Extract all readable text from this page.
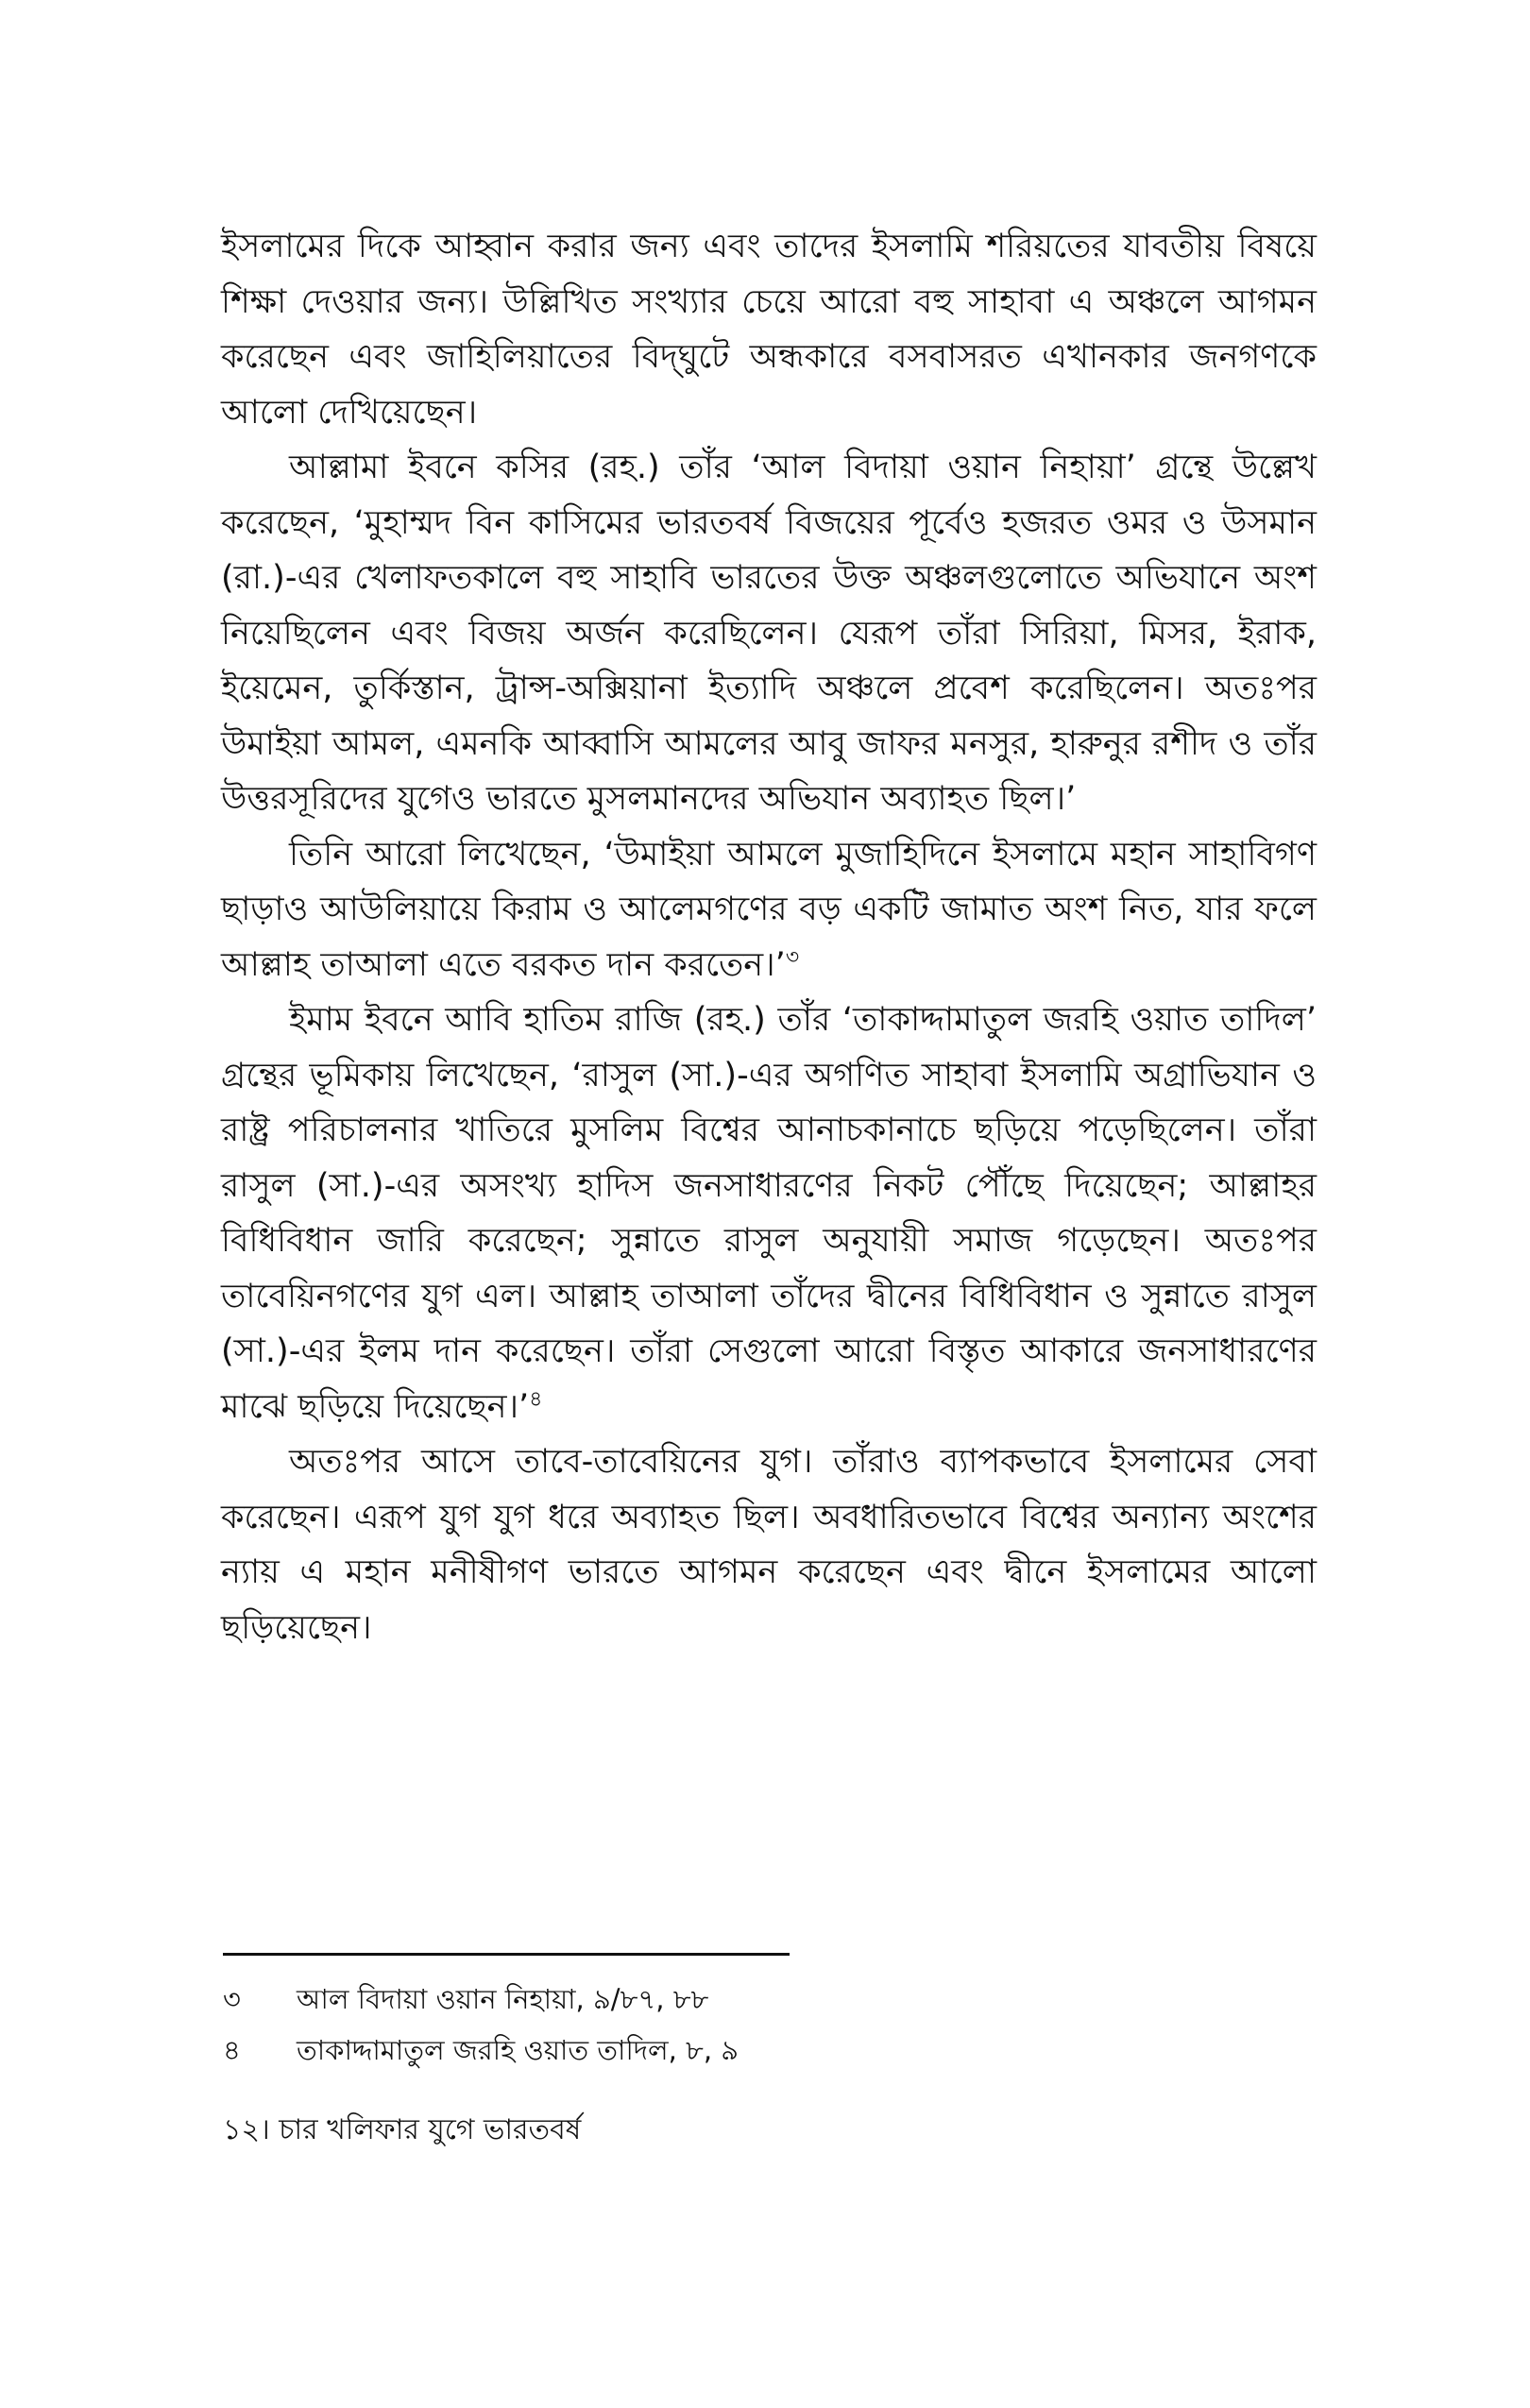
ইসলামের দিকে আহ্বান করার জন্য এবং তাদের ইসলামি শরিয়তের যাবতীয় বিষয়ে শিক্ষা দেওয়ার জন্য। উল্লিখিত সংখ্যার চেয়ে আরো বহু সাহাবা এ অঞ্চলে আগমন করেছেন এবং জাহিলিয়াতের বিদ্‌ঘুটে অন্ধকারে বসবাসরত এখানকার জনগণকে আলো দেখিয়েছেন।

আল্লামা ইবনে কসির (রহ.) তাঁর ‘আল বিদায়া ওয়ান নিহায়া’ গ্রন্থে উল্লেখ করেছেন, ‘মুহাম্মদ বিন কাসিমের ভারতবর্ষ বিজয়ের পূর্বেও হজরত ওমর ও উসমান (রা.)-এর খেলাফতকালে বহু সাহাবি ভারতের উক্ত অঞ্চলগুলোতে অভিযানে অংশ নিয়েছিলেন এবং বিজয় অর্জন করেছিলেন। যেরূপ তাঁরা সিরিয়া, মিসর, ইরাক, ইয়েমেন, তুর্কিস্তান, ট্রান্স-অক্সিয়ানা ইত্যাদি অঞ্চলে প্রবেশ করেছিলেন। অতঃপর উমাইয়া আমল, এমনকি আব্বাসি আমলের আবু জাফর মনসুর, হারুনুর রশীদ ও তাঁর উত্তরসূরিদের যুগেও ভারতে মুসলমানদের অভিযান অব্যাহত ছিল।’

তিনি আরো লিখেছেন, ‘উমাইয়া আমলে মুজাহিদিনে ইসলামে মহান সাহাবিগণ ছাড়াও আউলিয়ায়ে কিরাম ও আলেমগণের বড় একটি জামাত অংশ নিত, যার ফলে আল্লাহ তাআলা এতে বরকত দান করতেন।’$^৩$

ইমাম ইবনে আবি হাতিম রাজি (রহ.) তাঁর ‘তাকাদ্দামাতুল জরহি ওয়াত তাদিল’ গ্রন্থের ভূমিকায় লিখেছেন, ‘রাসুল (সা.)-এর অগণিত সাহাবা ইসলামি অগ্রাভিযান ও রাষ্ট্র পরিচালনার খাতিরে মুসলিম বিশ্বের আনাচকানাচে ছড়িয়ে পড়েছিলেন। তাঁরা রাসুল (সা.)-এর অসংখ্য হাদিস জনসাধারণের নিকট পৌঁছে দিয়েছেন; আল্লাহর বিধিবিধান জারি করেছেন; সুন্নাতে রাসুল অনুযায়ী সমাজ গড়েছেন। অতঃপর তাবেয়িনগণের যুগ এল। আল্লাহ তাআলা তাঁদের দ্বীনের বিধিবিধান ও সুন্নাতে রাসুল (সা.)-এর ইলম দান করেছেন। তাঁরা সেগুলো আরো বিস্তৃত আকারে জনসাধারণের মাঝে ছড়িয়ে দিয়েছেন।’$^৪$

অতঃপর আসে তাবে-তাবেয়িনের যুগ। তাঁরাও ব্যাপকভাবে ইসলামের সেবা করেছেন। এরূপ যুগ যুগ ধরে অব্যাহত ছিল। অবধারিতভাবে বিশ্বের অন্যান্য অংশের ন্যায় এ মহান মনীষীগণ ভারতে আগমন করেছেন এবং দ্বীনে ইসলামের আলো ছড়িয়েছেন।

৩	আল বিদায়া ওয়ান নিহায়া, ৯/৮৭, ৮৮
৪	তাকাদ্দামাতুল জরহি ওয়াত তাদিল, ৮, ৯
১২। চার খলিফার যুগে ভারতবর্ষ
